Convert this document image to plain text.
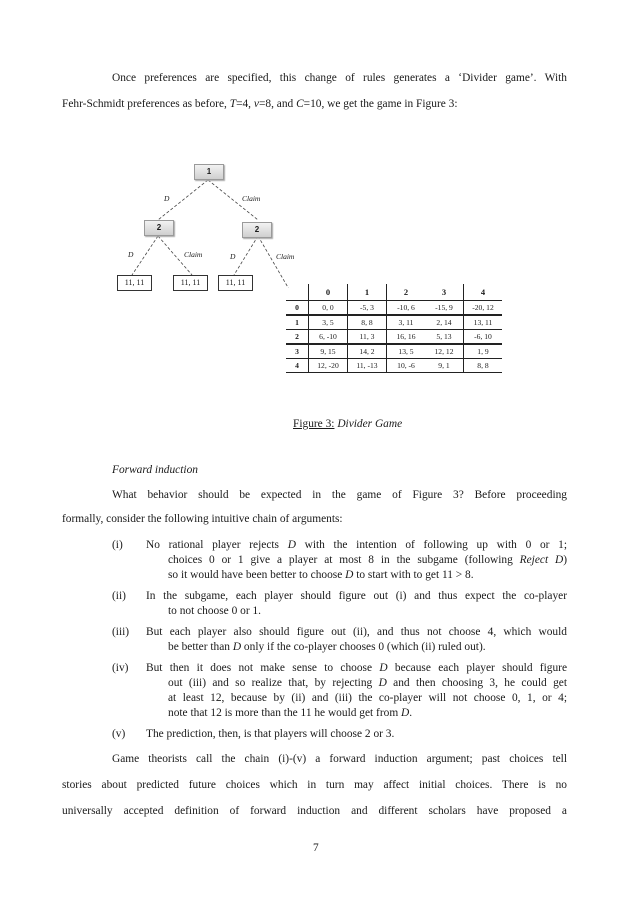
Once preferences are specified, this change of rules generates a ‘Divider game’. With
Fehr-Schmidt preferences as before, T=4, v=8, and C=10, we get the game in Figure 3:
1
2	2
D	Claim
D	Claim	D	Claim
11, 11	11, 11	11, 11
	0	1	2	3	4
0	0, 0	-5, 3	-10, 6	-15, 9	-20, 12
1	3, 5	8, 8	3, 11	2, 14	13, 11
2	6, -10	11, 3	16, 16	5, 13	-6, 10
3	9, 15	14, 2	13, 5	12, 12	1, 9
4	12, -20	11, -13	10, -6	9, 1	8, 8
Figure 3: Divider Game
Forward induction
What behavior should be expected in the game of Figure 3? Before proceeding
formally, consider the following intuitive chain of arguments:
(i) No rational player rejects D with the intention of following up with 0 or 1;
choices 0 or 1 give a player at most 8 in the subgame (following Reject D)
so it would have been better to choose D to start with to get 11 > 8.
(ii) In the subgame, each player should figure out (i) and thus expect the co-player
to not choose 0 or 1.
(iii) But each player also should figure out (ii), and thus not choose 4, which would
be better than D only if the co-player chooses 0 (which (ii) ruled out).
(iv) But then it does not make sense to choose D because each player should figure
out (iii) and so realize that, by rejecting D and then choosing 3, he could get
at least 12, because by (ii) and (iii) the co-player will not choose 0, 1, or 4;
note that 12 is more than the 11 he would get from D.
(v) The prediction, then, is that players will choose 2 or 3.
Game theorists call the chain (i)-(v) a forward induction argument; past choices tell
stories about predicted future choices which in turn may affect initial choices. There is no
universally accepted definition of forward induction and different scholars have proposed a
7
